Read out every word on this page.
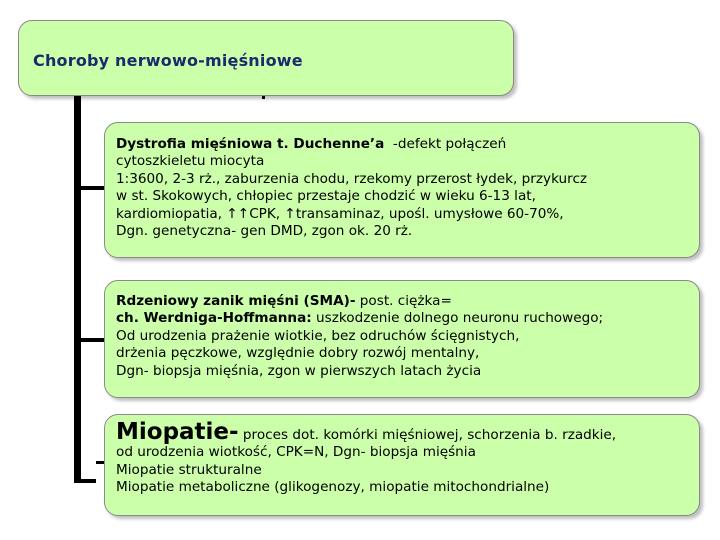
Choroby nerwowo-mięśniowe
Dystrofia mięśniowa t. Duchenne’a -defekt połączeń
cytoszkieletu miocyta
1:3600, 2-3 rż., zaburzenia chodu, rzekomy przerost łydek, przykurcz
w st. Skokowych, chłopiec przestaje chodzić w wieku 6-13 lat,
kardiomiopatia, ↑↑CPK, ↑transaminaz, upośl. umysłowe 60-70%,
Dgn. genetyczna- gen DMD, zgon ok. 20 rż.
Rdzeniowy zanik mięśni (SMA)- post. ciężka=
ch. Werdniga-Hoffmanna: uszkodzenie dolnego neuronu ruchowego;
Od urodzenia prażenie wiotkie, bez odruchów ścięgnistych,
drżenia pęczkowe, względnie dobry rozwój mentalny,
Dgn- biopsja mięśnia, zgon w pierwszych latach życia
Miopatie- proces dot. komórki mięśniowej, schorzenia b. rzadkie,
od urodzenia wiotkość, CPK=N, Dgn- biopsja mięśnia
Miopatie strukturalne
Miopatie metaboliczne (glikogenozy, miopatie mitochondrialne)
